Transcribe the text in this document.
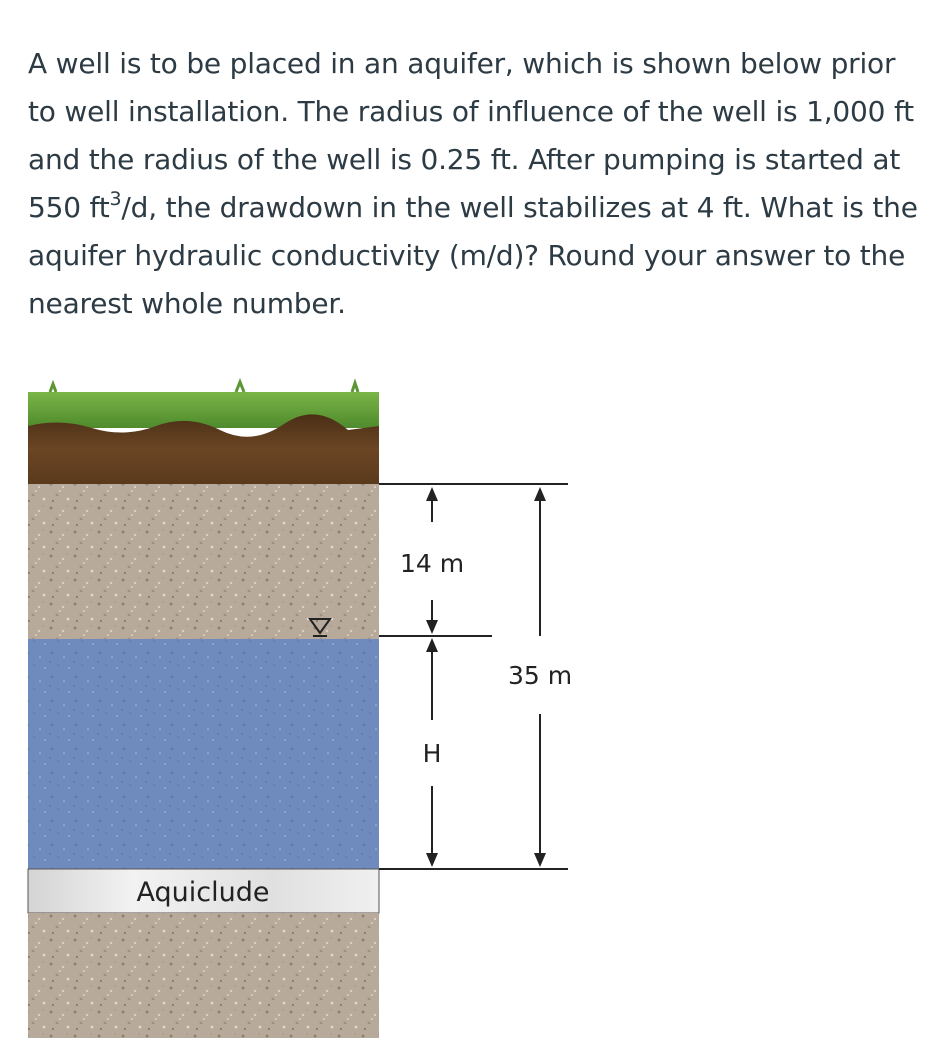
A well is to be placed in an aquifer, which is shown below prior to well installation. The radius of influence of the well is 1,000 ft and the radius of the well is 0.25 ft. After pumping is started at 550 $ft^3/d$, the drawdown in the well stabilizes at 4 ft. What is the aquifer hydraulic conductivity (m/d)? Round your answer to the nearest whole number.
14 m
H
35 m
Aquiclude
